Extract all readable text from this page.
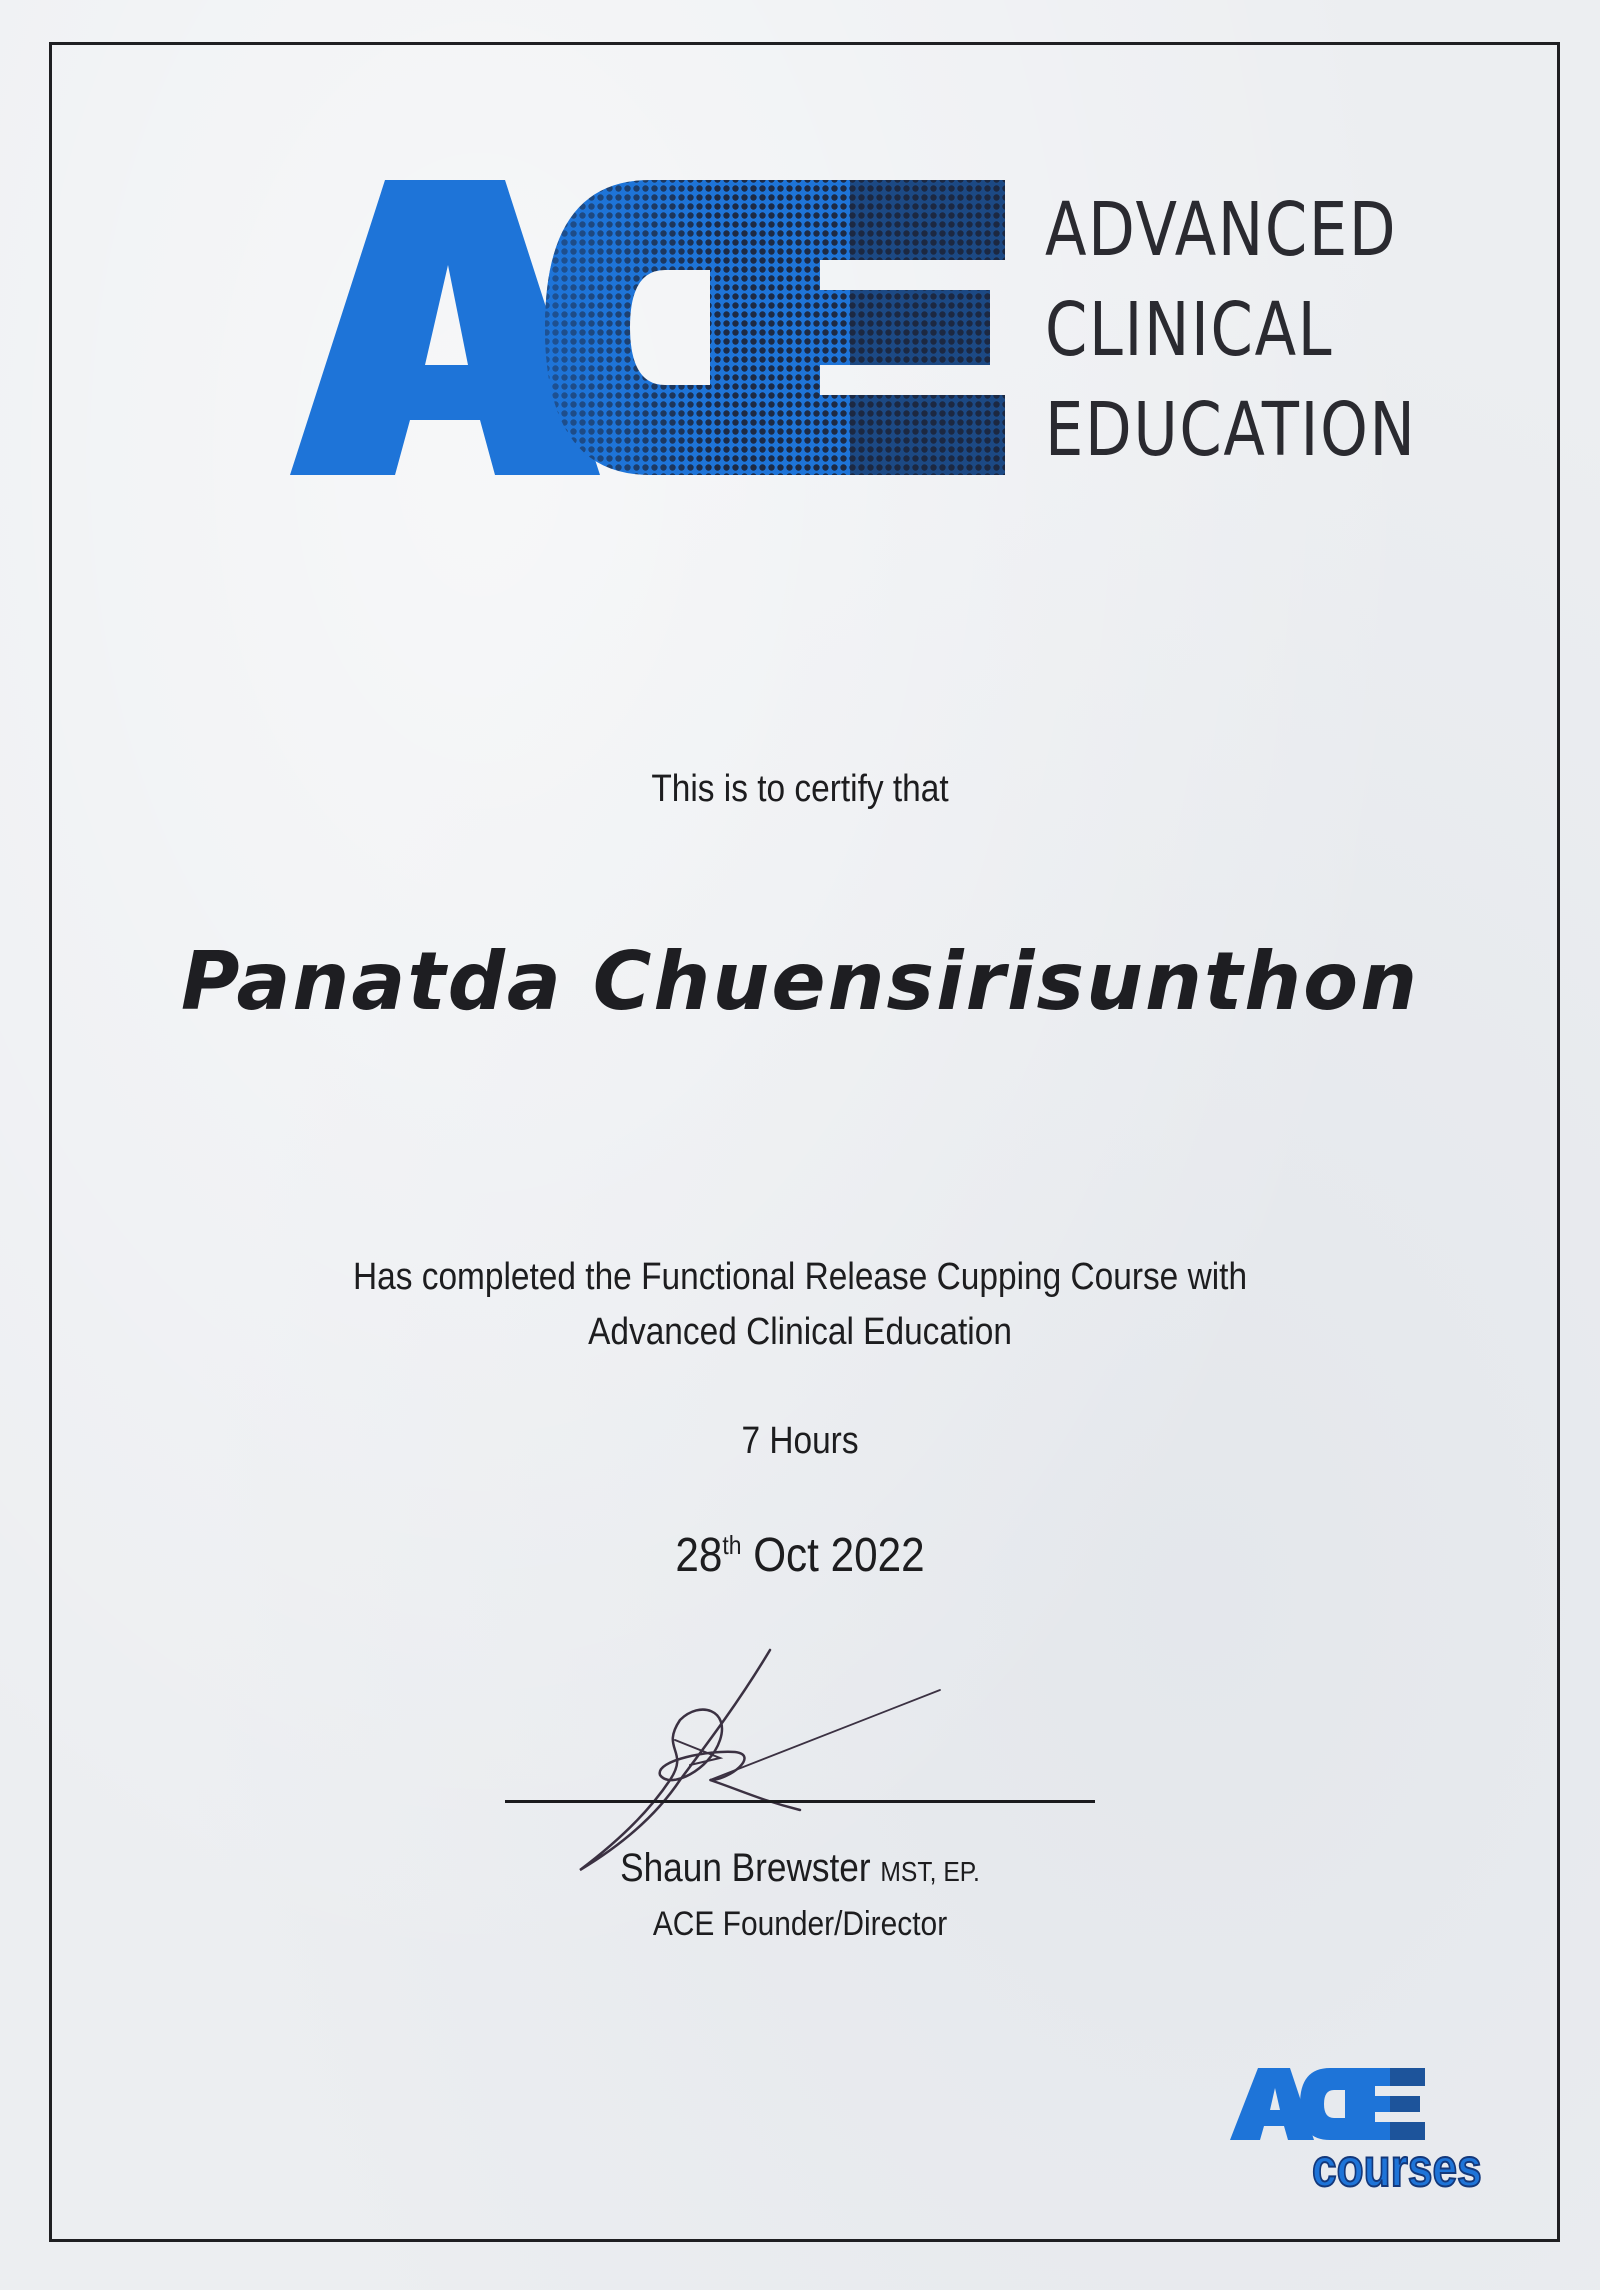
ADVANCED
CLINICAL
EDUCATION
This is to certify that
Panatda Chuensirisunthon
Has completed the Functional Release Cupping Course with
Advanced Clinical Education
7 Hours
28th Oct 2022
Shaun Brewster MST, EP.
ACE Founder/Director
courses
